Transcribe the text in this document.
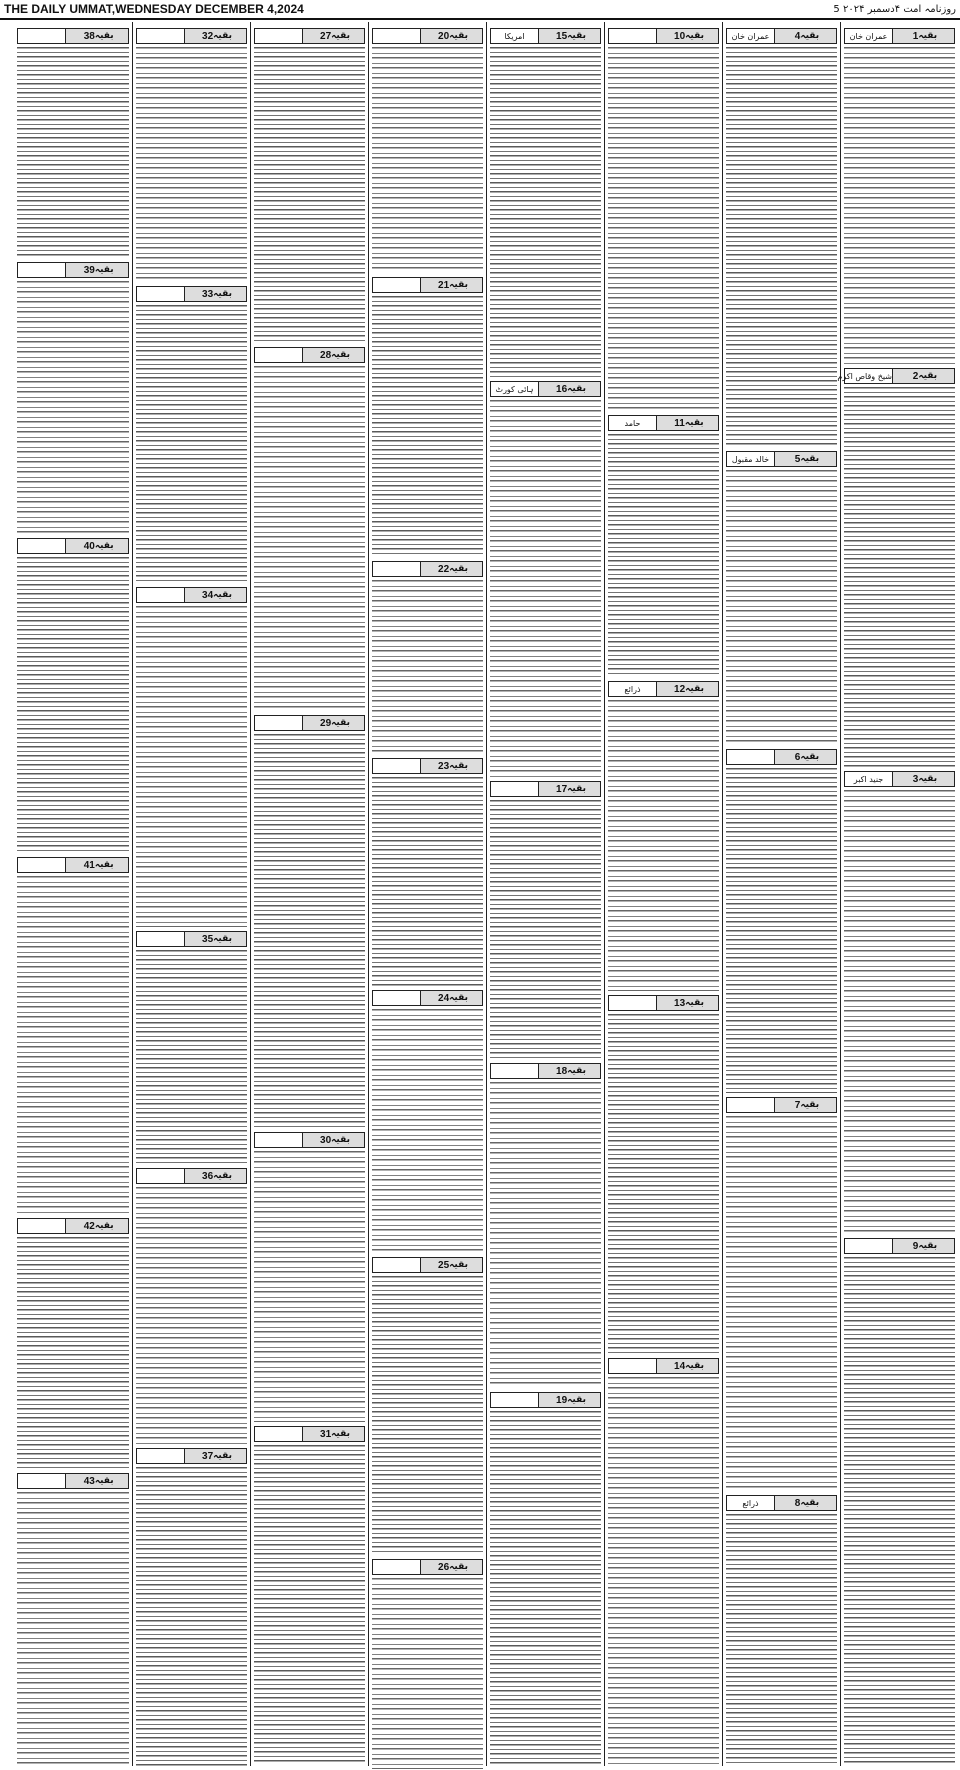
THE DAILY UMMAT,WEDNESDAY DECEMBER 4,2024	5 روزنامہ امت ۴دسمبر ۲۰۲۴
بقیہ
1
عمران خان
بقیہ
2
شیخ وقاص اکرم
بقیہ
3
جنید اکبر
بقیہ
9
بقیہ
4
عمران خان
بقیہ
5
خالد مقبول
بقیہ
6
بقیہ
7
بقیہ
8
ذرائع
بقیہ
10
بقیہ
11
حامد
بقیہ
12
ذرائع
بقیہ
13
بقیہ
14
بقیہ
15
امریکا
بقیہ
16
ہائی کورٹ
بقیہ
17
بقیہ
18
بقیہ
19
بقیہ
20
بقیہ
21
بقیہ
22
بقیہ
23
بقیہ
24
بقیہ
25
بقیہ
26
بقیہ
27
بقیہ
28
بقیہ
29
بقیہ
30
بقیہ
31
بقیہ
32
بقیہ
33
بقیہ
34
بقیہ
35
بقیہ
36
بقیہ
37
بقیہ
38
بقیہ
39
بقیہ
40
بقیہ
41
بقیہ
42
بقیہ
43
